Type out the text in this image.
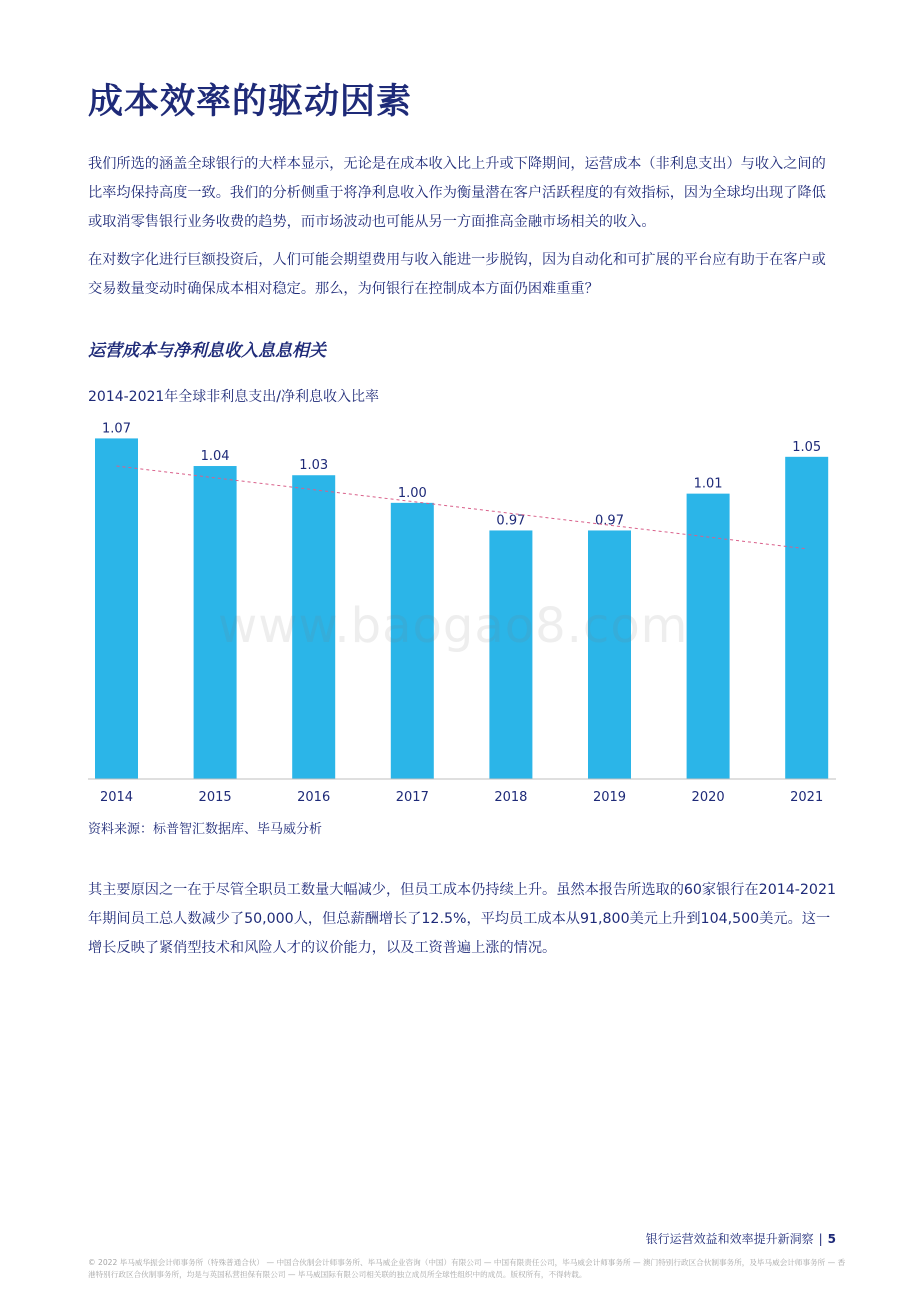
成本效率的驱动因素

我们所选的涵盖全球银行的大样本显示，无论是在成本收入比上升或下降期间，运营成本（非利息支出）与收入之间的比率均保持高度一致。我们的分析侧重于将净利息收入作为衡量潜在客户活跃程度的有效指标，因为全球均出现了降低或取消零售银行业务收费的趋势，而市场波动也可能从另一方面推高金融市场相关的收入。

在对数字化进行巨额投资后，人们可能会期望费用与收入能进一步脱钩，因为自动化和可扩展的平台应有助于在客户或交易数量变动时确保成本相对稳定。那么，为何银行在控制成本方面仍困难重重？

运营成本与净利息收入息息相关
2014-2021年全球非利息支出/净利息收入比率
1.07
2014
1.04
2015
1.03
2016
1.00
2017
0.97
2018
0.97
2019
1.01
2020
1.05
2021
www.baogao8.com
资料来源：标普智汇数据库、毕马威分析

其主要原因之一在于尽管全职员工数量大幅减少，但员工成本仍持续上升。虽然本报告所选取的60家银行在2014-2021年期间员工总人数减少了50,000人，但总薪酬增长了12.5%，平均员工成本从91,800美元上升到104,500美元。这一增长反映了紧俏型技术和风险人才的议价能力，以及工资普遍上涨的情况。

银行运营效益和效率提升新洞察 | 5
© 2022 毕马威华振会计师事务所（特殊普通合伙） — 中国合伙制会计师事务所、毕马威企业咨询（中国）有限公司 — 中国有限责任公司，毕马威会计师事务所 — 澳门特别行政区合伙制事务所，及毕马威会计师事务所 — 香港特别行政区合伙制事务所，均是与英国私营担保有限公司 — 毕马威国际有限公司相关联的独立成员所全球性组织中的成员。版权所有，不得转载。
